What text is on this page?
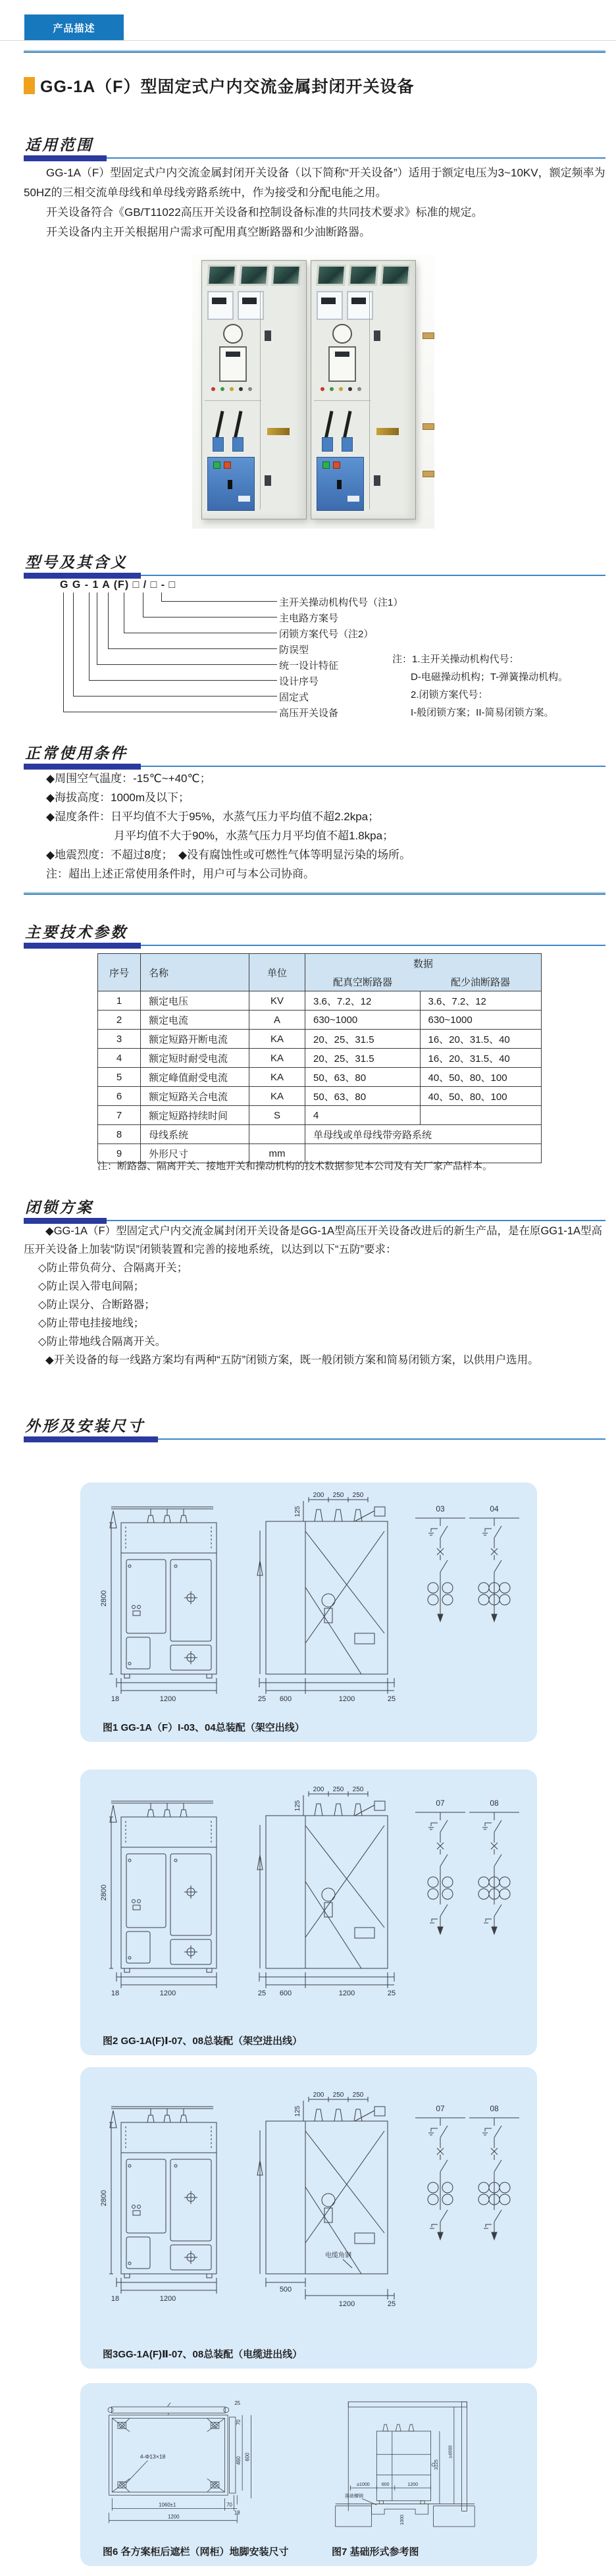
产品描述
GG-1A（F）型固定式户内交流金属封闭开关设备
适用范围

GG-1A（F）型固定式户内交流金属封闭开关设备（以下简称“开关设备”）适用于额定电压为3~10KV，额定频率为50HZ的三相交流单母线和单母线旁路系统中，作为接受和分配电能之用。

开关设备符合《GB/T11022高压开关设备和控制设备标准的共同技术要求》标准的规定。

开关设备内主开关根据用户需求可配用真空断路器和少油断路器。

型号及其含义
G G - 1 A (F) □ / □ - □
主开关操动机构代号（注1）
主电路方案号
闭锁方案代号（注2）
防误型
统一设计特征
设计序号
固定式
高压开关设备
注：1.主开关操动机构代号：
D-电磁操动机构；T-弹簧操动机构。
2.闭锁方案代号：
I-般闭锁方案；II-简易闭锁方案。
正常使用条件
◆周围空气温度：-15℃~+40℃；
◆海拔高度：1000m及以下；
◆湿度条件：日平均值不大于95%，水蒸气压力平均值不超2.2kpa；
月平均值不大于90%，水蒸气压力月平均值不超1.8kpa；
◆地震烈度：不超过8度；　◆没有腐蚀性或可燃性气体等明显污染的场所。
注：超出上述正常使用条件时，用户可与本公司协商。
主要技术参数
序号	名称	单位	数据	
			配真空断路器	配少油断路器
1	额定电压	KV	3.6、7.2、12	3.6、7.2、12
2	额定电流	A	630~1000	630~1000
3	额定短路开断电流	KA	20、25、31.5	16、20、31.5、40
4	额定短时耐受电流	KA	20、25、31.5	16、20、31.5、40
5	额定峰值耐受电流	KA	50、63、80	40、50、80、100
6	额定短路关合电流	KA	50、63、80	40、50、80、100
7	额定短路持续时间	S	4	
8	母线系统		单母线或单母线带旁路系统	
9	外形尺寸	mm		
注：断路器、隔离开关、接地开关和操动机构的技术数据参见本公司及有关厂家产品样本。
闭锁方案

◆GG-1A（F）型固定式户内交流金属封闭开关设备是GG-1A型高压开关设备改进后的新生产品，是在原GG1-1A型高压开关设备上加装“防误”闭锁装置和完善的接地系统，以达到以下“五防”要求：

◇防止带负荷分、合隔离开关；

◇防止误入带电间隔；

◇防止误分、合断路器；

◇防止带电挂接地线；

◇防止带地线合隔离开关。

◆开关设备的每一线路方案均有两种“五防”闭锁方案，既一般闭锁方案和简易闭锁方案，以供用户选用。

外形及安装尺寸
2800
18	1200
200 250 250
125
25 600	1200	25
03	04
图1 GG-1A（F）I-03、04总装配（架空出线）
2800
18	1200
200 250 250
125
25 600	1200	25
07	08
图2 GG-1A(F)Ⅰ-07、08总装配（架空进出线）
2800
18	1200
200 250 250
125
电缆角钢
500
1200	25
07	08
图3GG-1A(F)Ⅱ-07、08总装配（电缆进出线）
4-Φ13×18
25
70
460 600
1060±1	70
18
1200	1000
≥1000 600	1200
3125
≥4000
基础槽钢
图6 各方案柜后遮栏（网柜）地脚安装尺寸	图7 基础形式参考图
